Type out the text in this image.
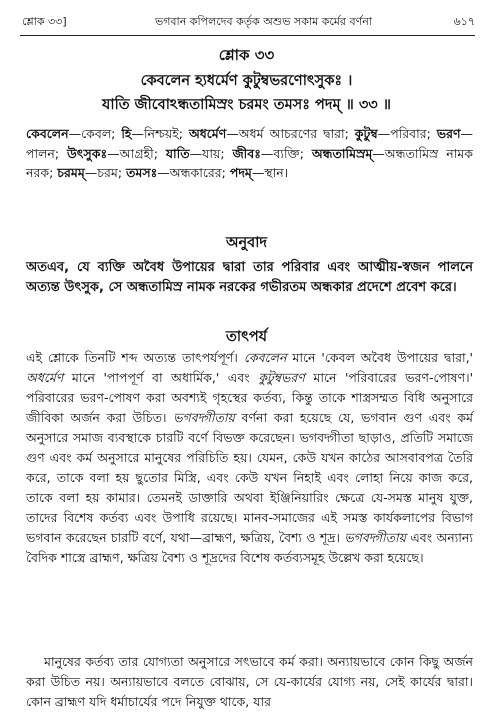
শ্লোক ৩৩]	ভগবান কপিলদেব কর্তৃক অশুভ সকাম কর্মের বর্ণনা	৬১৭
শ্লোক ৩৩
কেবলেন হ্যধর্মেণ কুটুম্বভরণোৎসুকঃ ।
যাতি জীবোঽন্ধতামিস্রং চরমং তমসঃ পদম্ ॥ ৩৩ ॥
কেবলেন—কেবল; হি—নিশ্চয়ই; অধর্মেণ—অধর্ম আচরণের দ্বারা; কুটুম্ব—পরিবার; ভরণ—পালন; উৎসুকঃ—আগ্রহী; যাতি—যায়; জীবঃ—ব্যক্তি; অন্ধতামিস্রম্—অন্ধতামিস্র নামক নরক; চরমম্—চরম; তমসঃ—অন্ধকারের; পদম্—স্থান।
অনুবাদ
অতএব, যে ব্যক্তি অবৈধ উপায়ের দ্বারা তার পরিবার এবং আত্মীয়-স্বজন পালনে অত্যন্ত উৎসুক, সে অন্ধতামিস্র নামক নরকের গভীরতম অন্ধকার প্রদেশে প্রবেশ করে।
তাৎপর্য
এই শ্লোকে তিনটি শব্দ অত্যন্ত তাৎপর্যপূর্ণ। কেবলেন মানে 'কেবল অবৈধ উপায়ের দ্বারা,' অধর্মেণ মানে 'পাপপূর্ণ বা অধার্মিক,' এবং কুটুম্বভরণ মানে 'পরিবারের ভরণ-পোষণ।' পরিবারের ভরণ-পোষণ করা অবশ্যই গৃহস্থের কর্তব্য, কিন্তু তাকে শাস্ত্রসম্মত বিধি অনুসারে জীবিকা অর্জন করা উচিত। ভগবদ্গীতায় বর্ণনা করা হয়েছে যে, ভগবান গুণ এবং কর্ম অনুসারে সমাজ ব্যবস্থাকে চারটি বর্ণে বিভক্ত করেছেন। ভগবদ্গীতা ছাড়াও, প্রতিটি সমাজে গুণ এবং কর্ম অনুসারে মানুষের পরিচিতি হয়। যেমন, কেউ যখন কাঠের আসবাবপত্র তৈরি করে, তাকে বলা হয় ছুতোর মিস্ত্রি, এবং কেউ যখন নিহাই এবং লোহা নিয়ে কাজ করে, তাকে বলা হয় কামার। তেমনই ডাক্তারি অথবা ইঞ্জিনিয়ারিং ক্ষেত্রে যে-সমস্ত মানুষ যুক্ত, তাদের বিশেষ কর্তব্য এবং উপাধি রয়েছে। মানব-সমাজের এই সমস্ত কার্যকলাপের বিভাগ ভগবান করেছেন চারটি বর্ণে, যথা—ব্রাহ্মণ, ক্ষত্রিয়, বৈশ্য ও শূদ্র। ভগবদ্গীতায় এবং অন্যান্য বৈদিক শাস্ত্রে ব্রাহ্মণ, ক্ষত্রিয় বৈশ্য ও শূদ্রদের বিশেষ কর্তব্যসমূহ উল্লেখ করা হয়েছে।
মানুষের কর্তব্য তার যোগ্যতা অনুসারে সৎভাবে কর্ম করা। অন্যায়ভাবে কোন কিছু অর্জন করা উচিত নয়। অন্যায়ভাবে বলতে বোঝায়, সে যে-কার্যের যোগ্য নয়, সেই কার্যের দ্বারা। কোন ব্রাহ্মণ যদি ধর্মাচার্যের পদে নিযুক্ত থাকে, যার
